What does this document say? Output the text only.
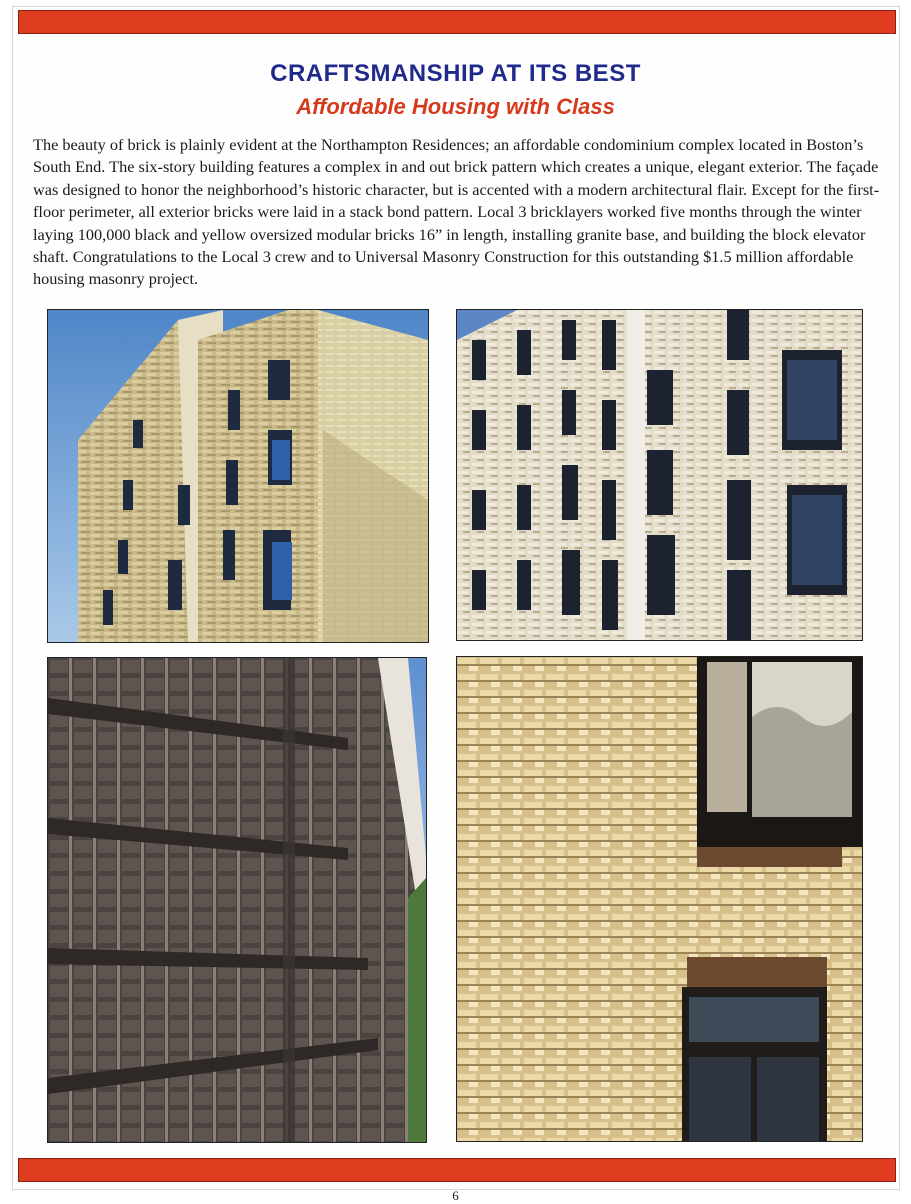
CRAFTSMANSHIP AT ITS BEST
Affordable Housing with Class
The beauty of brick is plainly evident at the Northampton Residences; an affordable condominium complex located in Boston’s South End. The six-story building features a complex in and out brick pattern which creates a unique, elegant exterior. The façade was designed to honor the neighborhood’s historic character, but is accented with a modern architectural flair. Except for the first-floor perimeter, all exterior bricks were laid in a stack bond pattern. Local 3 bricklayers worked five months through the winter laying 100,000 black and yellow oversized modular bricks 16” in length, installing granite base, and building the block elevator shaft. Congratulations to the Local 3 crew and to Universal Masonry Construction for this outstanding $1.5 million affordable housing masonry project.
6
